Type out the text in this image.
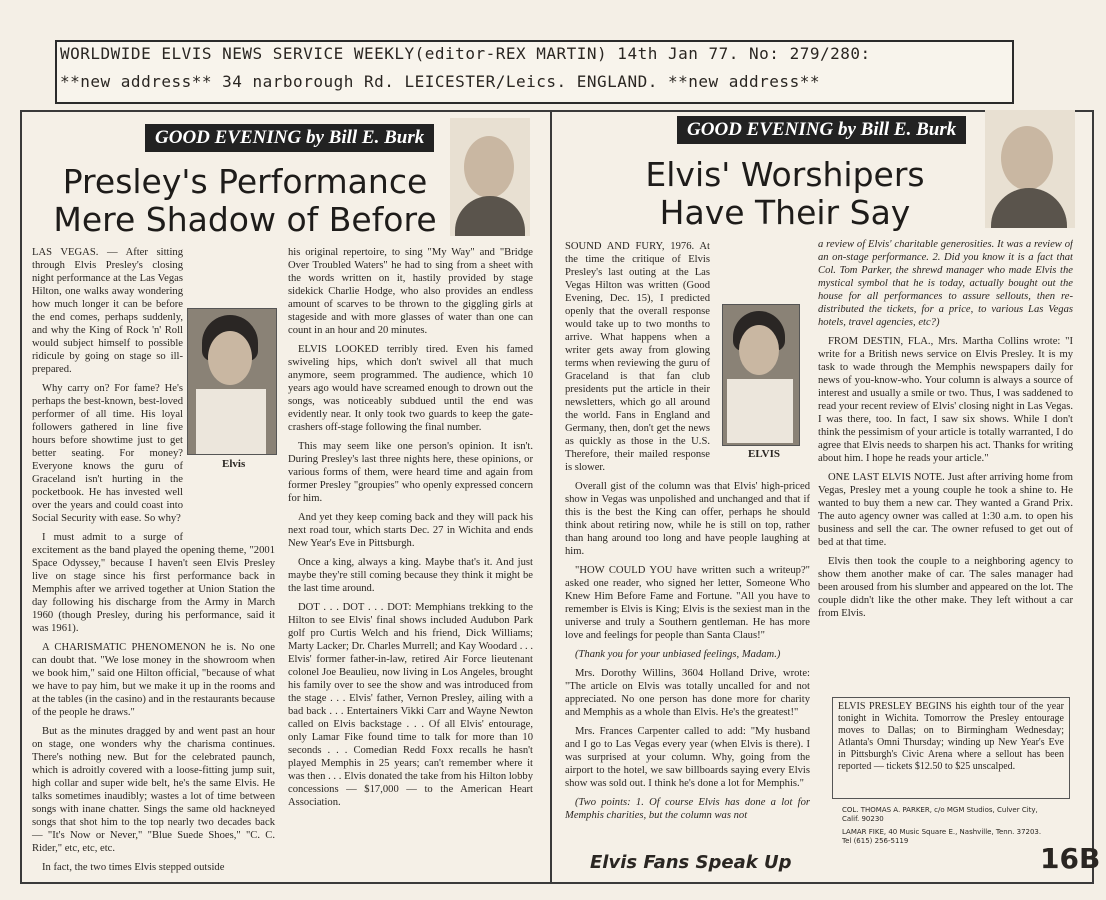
WORLDWIDE ELVIS NEWS SERVICE WEEKLY(editor-REX MARTIN) 14th Jan 77. No: 279/280:
**new address** 34 narborough Rd. LEICESTER/Leics. ENGLAND. **new address**
GOOD EVENING by Bill E. Burk
Presley's Performance
Mere Shadow of Before
Elvis

LAS VEGAS. — After sitting through Elvis Presley's closing night performance at the Las Vegas Hilton, one walks away wondering how much longer it can be before the end comes, perhaps suddenly, and why the King of Rock 'n' Roll would subject himself to possible ridicule by going on stage so ill-prepared.

Why carry on? For fame? He's perhaps the best-known, best-loved performer of all time. His loyal followers gathered in line five hours before showtime just to get better seating. For money? Everyone knows the guru of Graceland isn't hurting in the pocketbook. He has invested well over the years and could coast into Social Security with ease. So why?

I must admit to a surge of excitement as the band played the opening theme, "2001 Space Odyssey," because I haven't seen Elvis Presley live on stage since his first performance back in Memphis after we arrived together at Union Station the day following his discharge from the Army in March 1960 (though Presley, during his performance, said it was 1961).

A CHARISMATIC PHENOMENON he is. No one can doubt that. "We lose money in the showroom when we book him," said one Hilton official, "because of what we have to pay him, but we make it up in the rooms and at the tables (in the casino) and in the restaurants because of the people he draws."

But as the minutes dragged by and went past an hour on stage, one wonders why the charisma continues. There's nothing new. But for the celebrated paunch, which is adroitly covered with a loose-fitting jump suit, high collar and super wide belt, he's the same Elvis. He talks sometimes inaudibly; wastes a lot of time between songs with inane chatter. Sings the same old hackneyed songs that shot him to the top nearly two decades back — "It's Now or Never," "Blue Suede Shoes," "C. C. Rider," etc, etc, etc.

In fact, the two times Elvis stepped outside

his original repertoire, to sing "My Way" and "Bridge Over Troubled Waters" he had to sing from a sheet with the words written on it, hastily provided by stage sidekick Charlie Hodge, who also provides an endless amount of scarves to be thrown to the giggling girls at stageside and with more glasses of water than one can count in an hour and 20 minutes.

ELVIS LOOKED terribly tired. Even his famed swiveling hips, which don't swivel all that much anymore, seem programmed. The audience, which 10 years ago would have screamed enough to drown out the songs, was noticeably subdued until the end was evidently near. It only took two guards to keep the gate-crashers off-stage following the final number.

This may seem like one person's opinion. It isn't. During Presley's last three nights here, these opinions, or various forms of them, were heard time and again from former Presley "groupies" who openly expressed concern for him.

And yet they keep coming back and they will pack his next road tour, which starts Dec. 27 in Wichita and ends New Year's Eve in Pittsburgh.

Once a king, always a king. Maybe that's it. And just maybe they're still coming because they think it might be the last time around.

DOT . . . DOT . . . DOT: Memphians trekking to the Hilton to see Elvis' final shows included Audubon Park golf pro Curtis Welch and his friend, Dick Williams; Marty Lacker; Dr. Charles Murrell; and Kay Woodard . . . Elvis' former father-in-law, retired Air Force lieutenant colonel Joe Beaulieu, now living in Los Angeles, brought his family over to see the show and was introduced from the stage . . . Elvis' father, Vernon Presley, ailing with a bad back . . . Entertainers Vikki Carr and Wayne Newton called on Elvis backstage . . . Of all Elvis' entourage, only Lamar Fike found time to talk for more than 10 seconds . . . Comedian Redd Foxx recalls he hasn't played Memphis in 25 years; can't remember where it was then . . . Elvis donated the take from his Hilton lobby concessions — $17,000 — to the American Heart Association.

GOOD EVENING by Bill E. Burk
Elvis' Worshipers
Have Their Say

SOUND AND FURY, 1976. At the time the critique of Elvis Presley's last outing at the Las Vegas Hilton was written (Good Evening, Dec. 15), I predicted openly that the overall response would take up to two months to arrive. What happens when a writer gets away from glowing terms when reviewing the guru of Graceland is that fan club presidents put the article in their newsletters, which go all around the world. Fans in England and Germany, then, don't get the news as quickly as those in the U.S. Therefore, their mailed response is slower.

Overall gist of the column was that Elvis' high-priced show in Vegas was unpolished and unchanged and that if this is the best the King can offer, perhaps he should think about retiring now, while he is still on top, rather than hang around too long and have people laughing at him.

"HOW COULD YOU have written such a writeup?" asked one reader, who signed her letter, Someone Who Knew Him Before Fame and Fortune. "All you have to remember is Elvis is King; Elvis is the sexiest man in the universe and truly a Southern gentleman. He has more love and feelings for people than Santa Claus!"

(Thank you for your unbiased feelings, Madam.)

Mrs. Dorothy Willins, 3604 Holland Drive, wrote: "The article on Elvis was totally uncalled for and not appreciated. No one person has done more for charity and Memphis as a whole than Elvis. He's the greatest!"

Mrs. Frances Carpenter called to add: "My husband and I go to Las Vegas every year (when Elvis is there). I was surprised at your column. Why, going from the airport to the hotel, we saw billboards saying every Elvis show was sold out. I think he's done a lot for Memphis."

(Two points: 1. Of course Elvis has done a lot for Memphis charities, but the column was not

ELVIS

a review of Elvis' charitable generosities. It was a review of an on-stage performance. 2. Did you know it is a fact that Col. Tom Parker, the shrewd manager who made Elvis the mystical symbol that he is today, actually bought out the house for all performances to assure sellouts, then re-distributed the tickets, for a price, to various Las Vegas hotels, travel agencies, etc?)

FROM DESTIN, FLA., Mrs. Martha Collins wrote: "I write for a British news service on Elvis Presley. It is my task to wade through the Memphis newspapers daily for news of you-know-who. Your column is always a source of interest and usually a smile or two. Thus, I was saddened to read your recent review of Elvis' closing night in Las Vegas. I was there, too. In fact, I saw six shows. While I don't think the pessimism of your article is totally warranted, I do agree that Elvis needs to sharpen his act. Thanks for writing about him. I hope he reads your article."

ONE LAST ELVIS NOTE. Just after arriving home from Vegas, Presley met a young couple he took a shine to. He wanted to buy them a new car. They wanted a Grand Prix. The auto agency owner was called at 1:30 a.m. to open his business and sell the car. The owner refused to get out of bed at that time.

Elvis then took the couple to a neighboring agency to show them another make of car. The sales manager had been aroused from his slumber and appeared on the lot. The couple didn't like the other make. They left without a car from Elvis.

ELVIS PRESLEY BEGINS his eighth tour of the year tonight in Wichita. Tomorrow the Presley entourage moves to Dallas; on to Birmingham Wednesday; Atlanta's Omni Thursday; winding up New Year's Eve in Pittsburgh's Civic Arena where a sellout has been reported — tickets $12.50 to $25 unscalped.

COL. THOMAS A. PARKER, c/o MGM Studios, Culver City, Calif. 90230
LAMAR FIKE, 40 Music Square E., Nashville, Tenn. 37203. Tel (615) 256-5119
Elvis Fans Speak Up	16B
